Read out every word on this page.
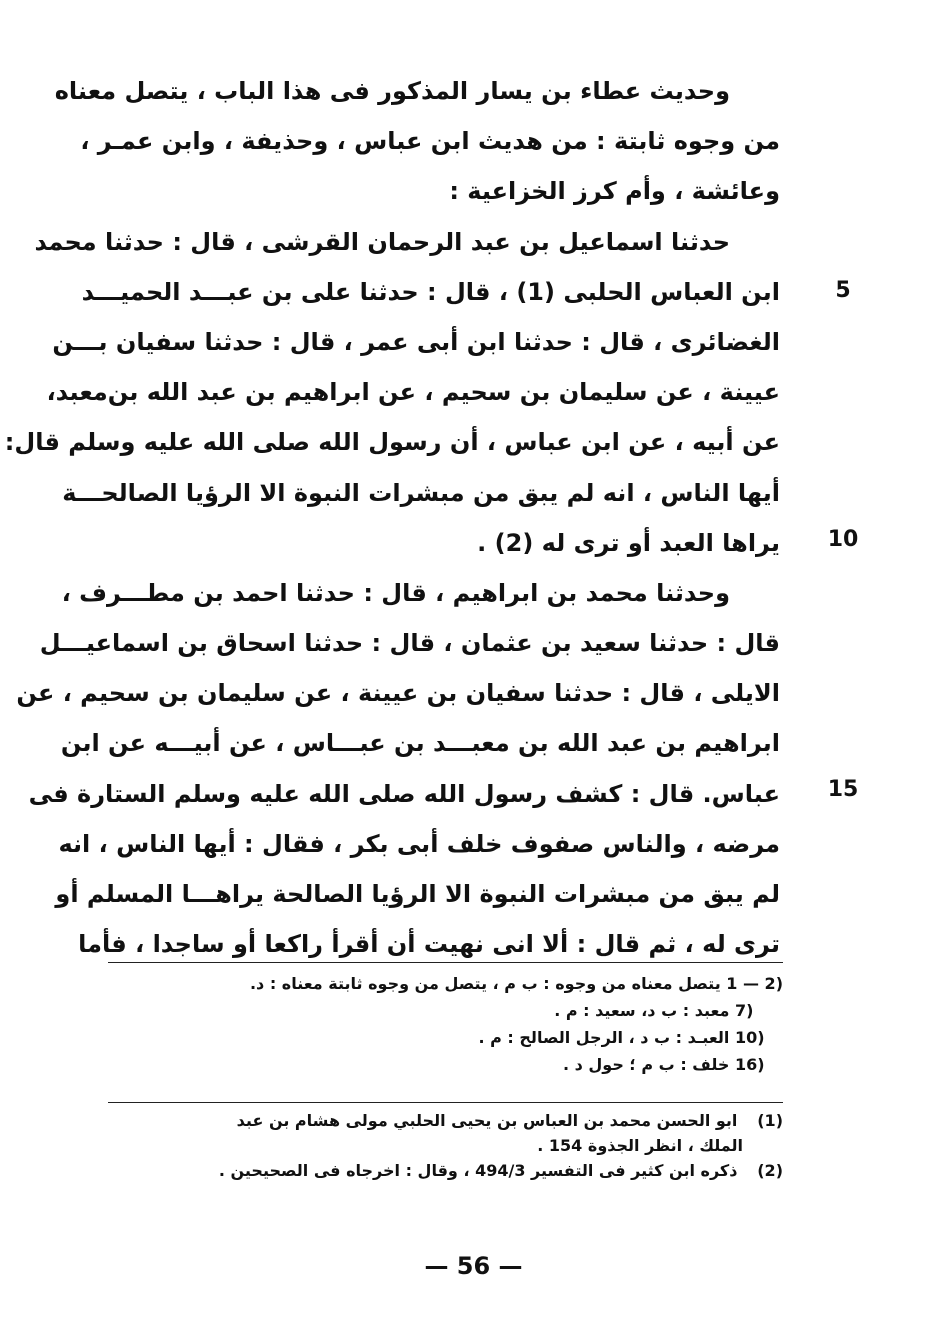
وحديث عطاء بن يسار المذكور فى هذا الباب ، يتصل معناه
من وجوه ثابتة : من هديث ابن عباس ، وحذيفة ، وابن عمـر ،
وعائشة ، وأم كرز الخزاعية :
حدثنا اسماعيل بن عبد الرحمان القرشى ، قال : حدثنا محمد
ابن العباس الحلبى (1) ، قال : حدثنا على بن عبـــد الحميـــد
الغضائرى ، قال : حدثنا ابن أبى عمر ، قال : حدثنا سفيان بـــن
عيينة ، عن سليمان بن سحيم ، عن ابراهيم بن عبد الله بن‌معبد،
عن أبيه ، عن ابن عباس ، أن رسول الله صلى الله عليه وسلم قال:
أيها الناس ، انه لم يبق من مبشرات النبوة الا الرؤيا الصالحـــة
يراها العبد أو ترى له (2) .
وحدثنا محمد بن ابراهيم ، قال : حدثنا احمد بن مطـــرف ،
قال : حدثنا سعيد بن عثمان ، قال : حدثنا اسحاق بن اسماعيـــل
الايلى ، قال : حدثنا سفيان بن عيينة ، عن سليمان بن سحيم ، عن
ابراهيم بن عبد الله بن معبـــد بن عبـــاس ، عن أبيـــه عن ابن
عباس. قال : كشف رسول الله صلى الله عليه وسلم الستارة فى
مرضه ، والناس صفوف خلف أبى بكر ، فقال : أيها الناس ، انه
لم يبق من مبشرات النبوة الا الرؤيا الصالحة يراهـــا المسلم أو
ترى له ، ثم قال : ألا انى نهيت أن أقرأ راكعا أو ساجدا ، فأما
5
10
15
1 — 2) يتصل معناه من وجوه : ب م ، يتصل من وجوه ثابتة معناه : د.
7) معبد : ب د، سعيد : م .
10) العبـد : ب د ، الرجل الصالح : م .
16) خلف : ب م ؛ حول د .
(1) ابو الحسن محمد بن العباس بن يحيى الحلبي مولى هشام بن عبد
الملك ، انظر الجذوة 154 .
(2) ذكره ابن كثير فى التفسير 494/3 ، وقال : اخرجاه فى الصحيحين .
— 56 —
